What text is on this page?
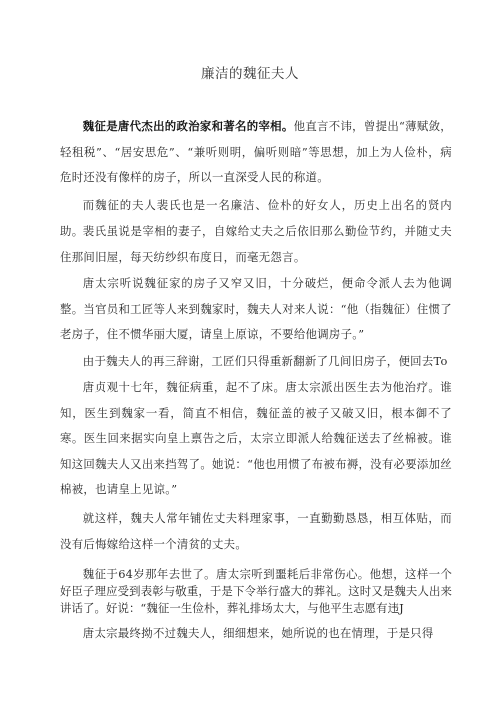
廉洁的魏征夫人

魏征是唐代杰出的政治家和著名的宰相。他直言不讳，曾提出“薄赋敛，轻租税”、“居安思危”、“兼听则明，偏听则暗”等思想，加上为人俭朴，病危时还没有像样的房子，所以一直深受人民的称道。

而魏征的夫人裴氏也是一名廉洁、俭朴的好女人，历史上出名的贤内助。 裴氏虽说是宰相的妻子，自嫁给丈夫之后依旧那么勤俭节约，并随丈夫住那间旧屋，每天纺纱织布度日，而毫无怨言。

唐太宗听说魏征家的房子又窄又旧，十分破烂，便命令派人去为他调整。当官员和工匠等人来到魏家时，魏夫人对来人说：“他（指魏征）住惯了老房子，住不惯华丽大厦，请皇上原谅，不要给他调房子。”

由于魏夫人的再三辞谢，工匠们只得重新翻新了几间旧房子，便回去To

唐贞观十七年，魏征病重，起不了床。唐太宗派出医生去为他治疗。谁知，医生到魏家一看，简直不相信，魏征盖的被子又破又旧，根本御不了寒。医生回来据实向皇上禀告之后，太宗立即派人给魏征送去了丝棉被。谁知这回魏夫人又出来挡驾了。她说：“他也用惯了布被布褥，没有必要添加丝棉被，也请皇上见谅。”

就这样，魏夫人常年铺佐丈夫料理家事，一直勤勤恳恳，相互体贴，而没有后悔嫁给这样一个清贫的丈夫。

魏征于64岁那年去世了。唐太宗听到噩耗后非常伤心。他想，这样一个好臣子理应受到表彰与敬重，于是下令举行盛大的葬礼。这时又是魏夫人出来讲话了。好说：“魏征一生俭朴，葬礼排场太大，与他平生志愿有违J

唐太宗最终拗不过魏夫人，细细想来，她所说的也在情理，于是只得
